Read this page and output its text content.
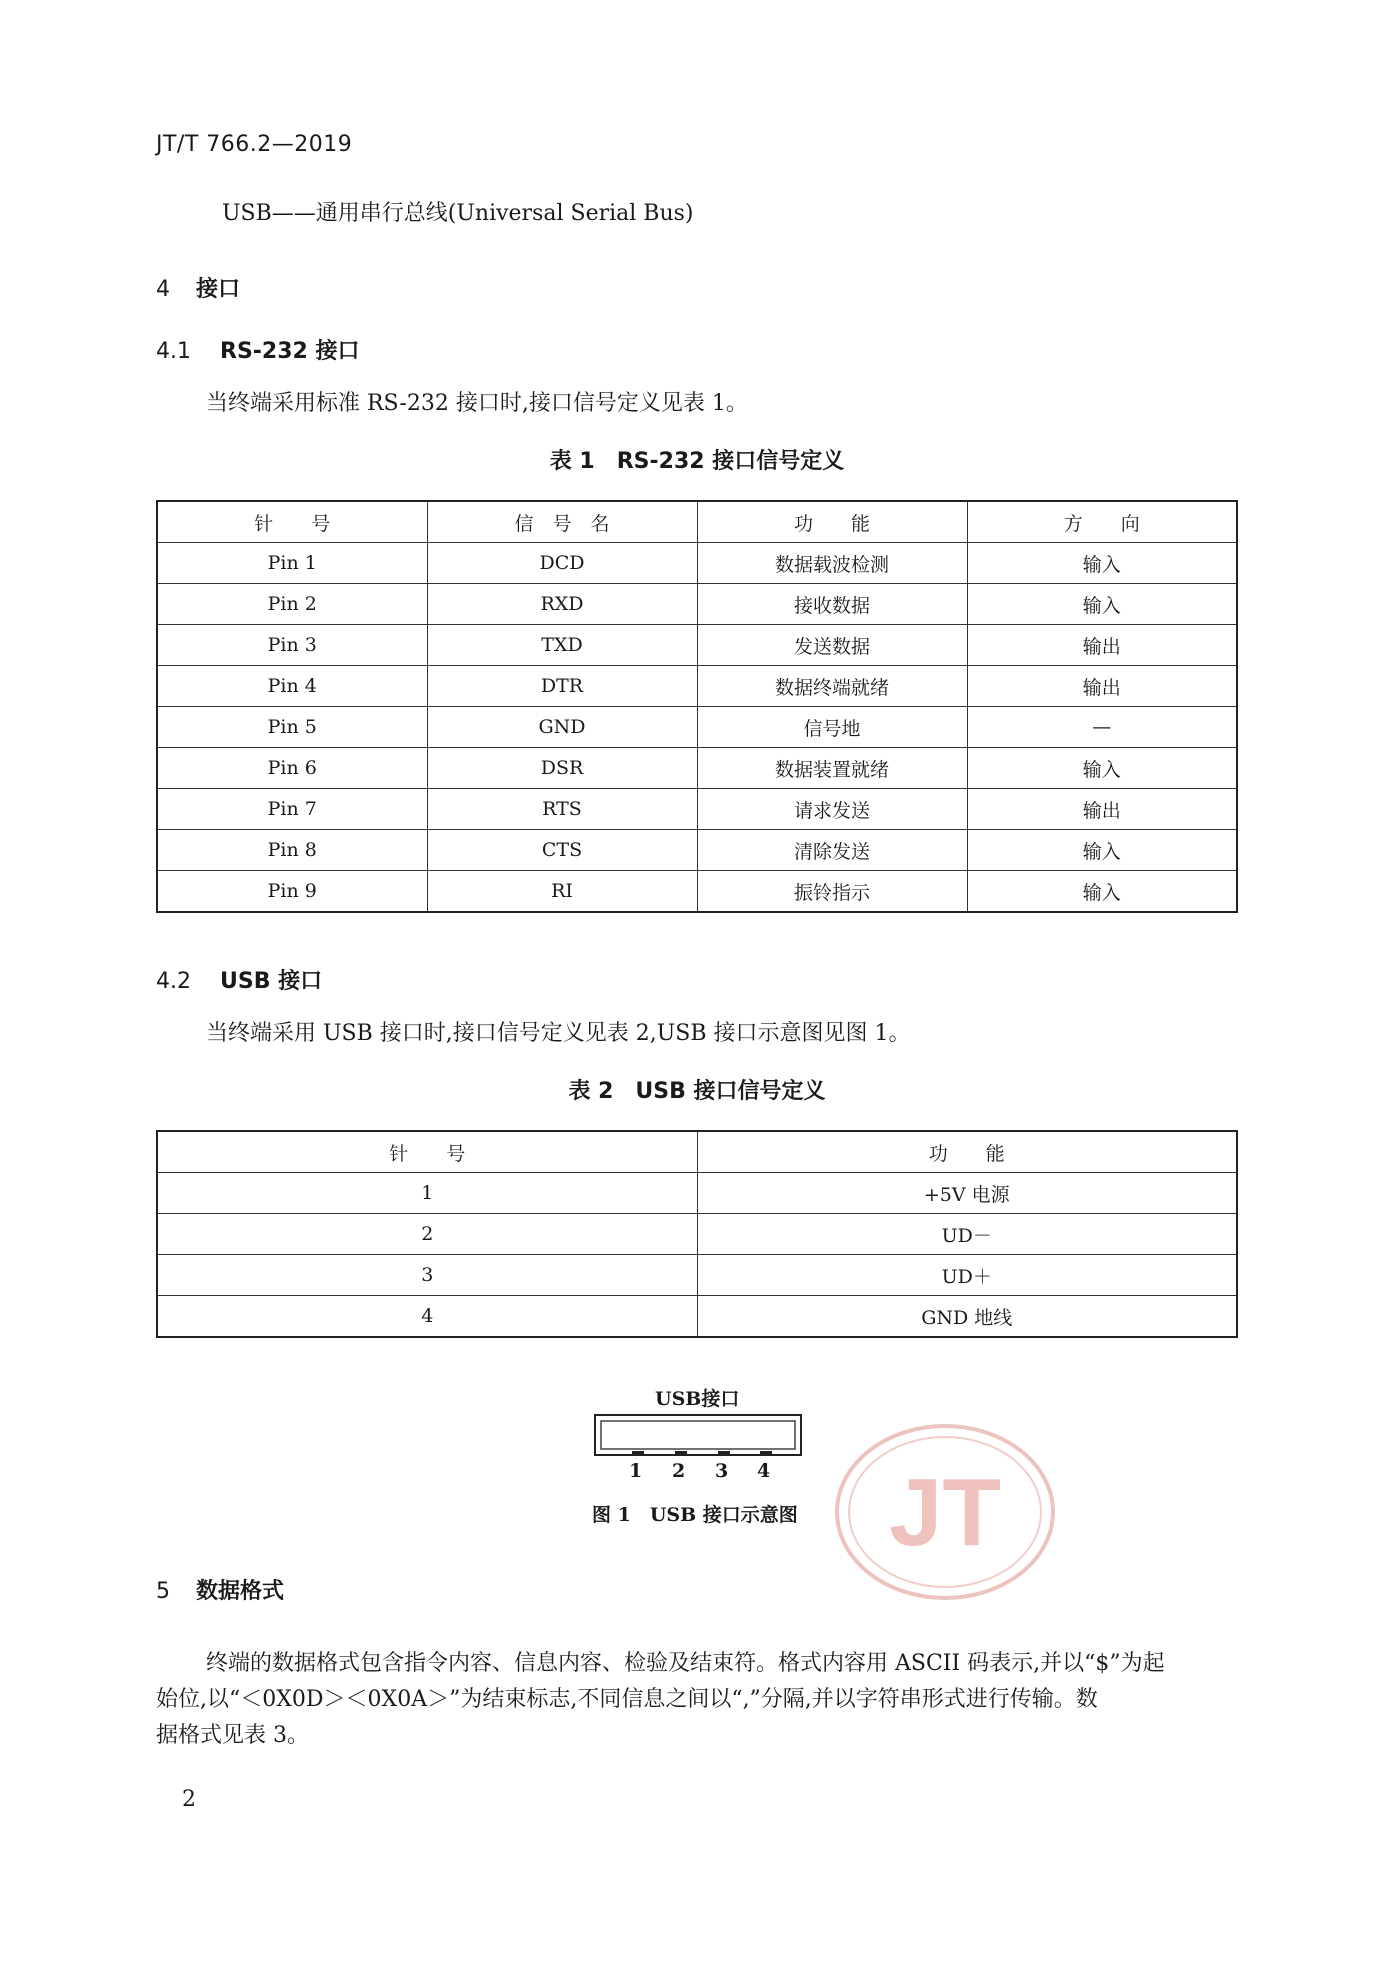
JT/T 766.2—2019
USB——通用串行总线(Universal Serial Bus)
4 接口
4.1 RS-232 接口
当终端采用标准 RS-232 接口时,接口信号定义见表 1。
表 1　RS-232 接口信号定义
针　　号	信　号　名	功　　能	方　　向
Pin 1	DCD	数据载波检测	输入
Pin 2	RXD	接收数据	输入
Pin 3	TXD	发送数据	输出
Pin 4	DTR	数据终端就绪	输出
Pin 5	GND	信号地	—
Pin 6	DSR	数据装置就绪	输入
Pin 7	RTS	请求发送	输出
Pin 8	CTS	清除发送	输入
Pin 9	RI	振铃指示	输入
4.2 USB 接口
当终端采用 USB 接口时,接口信号定义见表 2,USB 接口示意图见图 1。
表 2　USB 接口信号定义
针　　号	功　　能
1	+5V 电源
2	UD－
3	UD＋
4	GND 地线
USB接口
1 2 3 4
图 1　USB 接口示意图 JT
5 数据格式
终端的数据格式包含指令内容、信息内容、检验及结束符。格式内容用 ASCII 码表示,并以“$”为起
始位,以“＜0X0D＞＜0X0A＞”为结束标志,不同信息之间以“,”分隔,并以字符串形式进行传输。数
据格式见表 3。
2
